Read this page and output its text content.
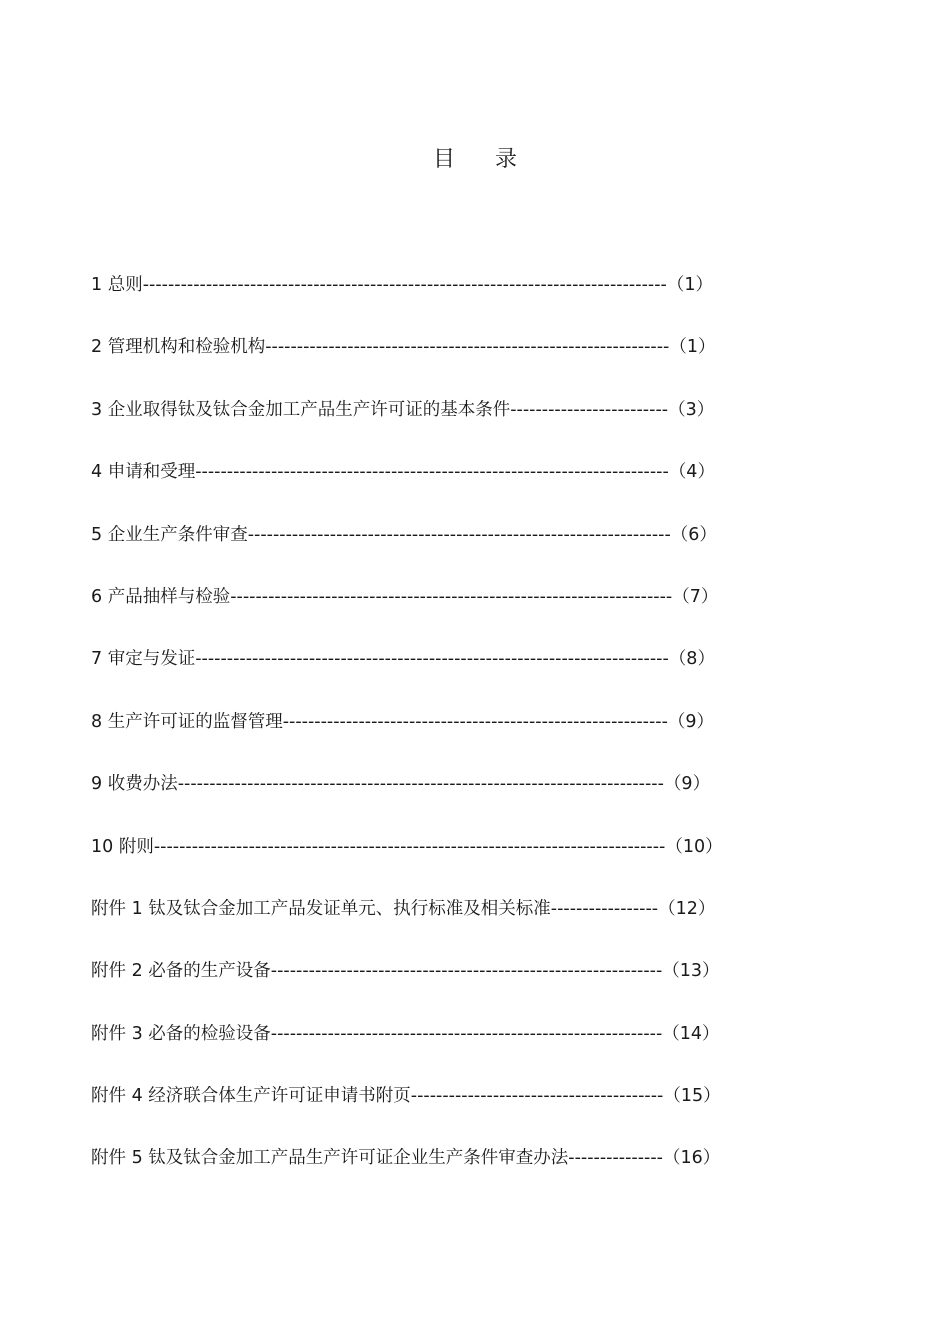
目 录
1 总则-----------------------------------------------------------------------------------（1）
2 管理机构和检验机构----------------------------------------------------------------（1）
3 企业取得钛及钛合金加工产品生产许可证的基本条件-------------------------（3）
4 申请和受理---------------------------------------------------------------------------（4）
5 企业生产条件审查-------------------------------------------------------------------（6）
6 产品抽样与检验----------------------------------------------------------------------（7）
7 审定与发证---------------------------------------------------------------------------（8）
8 生产许可证的监督管理-------------------------------------------------------------（9）
9 收费办法-----------------------------------------------------------------------------（9）
10 附则---------------------------------------------------------------------------------（10）
附件 1 钛及钛合金加工产品发证单元、执行标准及相关标准-----------------（12）
附件 2 必备的生产设备--------------------------------------------------------------（13）
附件 3 必备的检验设备--------------------------------------------------------------（14）
附件 4 经济联合体生产许可证申请书附页----------------------------------------（15）
附件 5 钛及钛合金加工产品生产许可证企业生产条件审查办法---------------（16）
